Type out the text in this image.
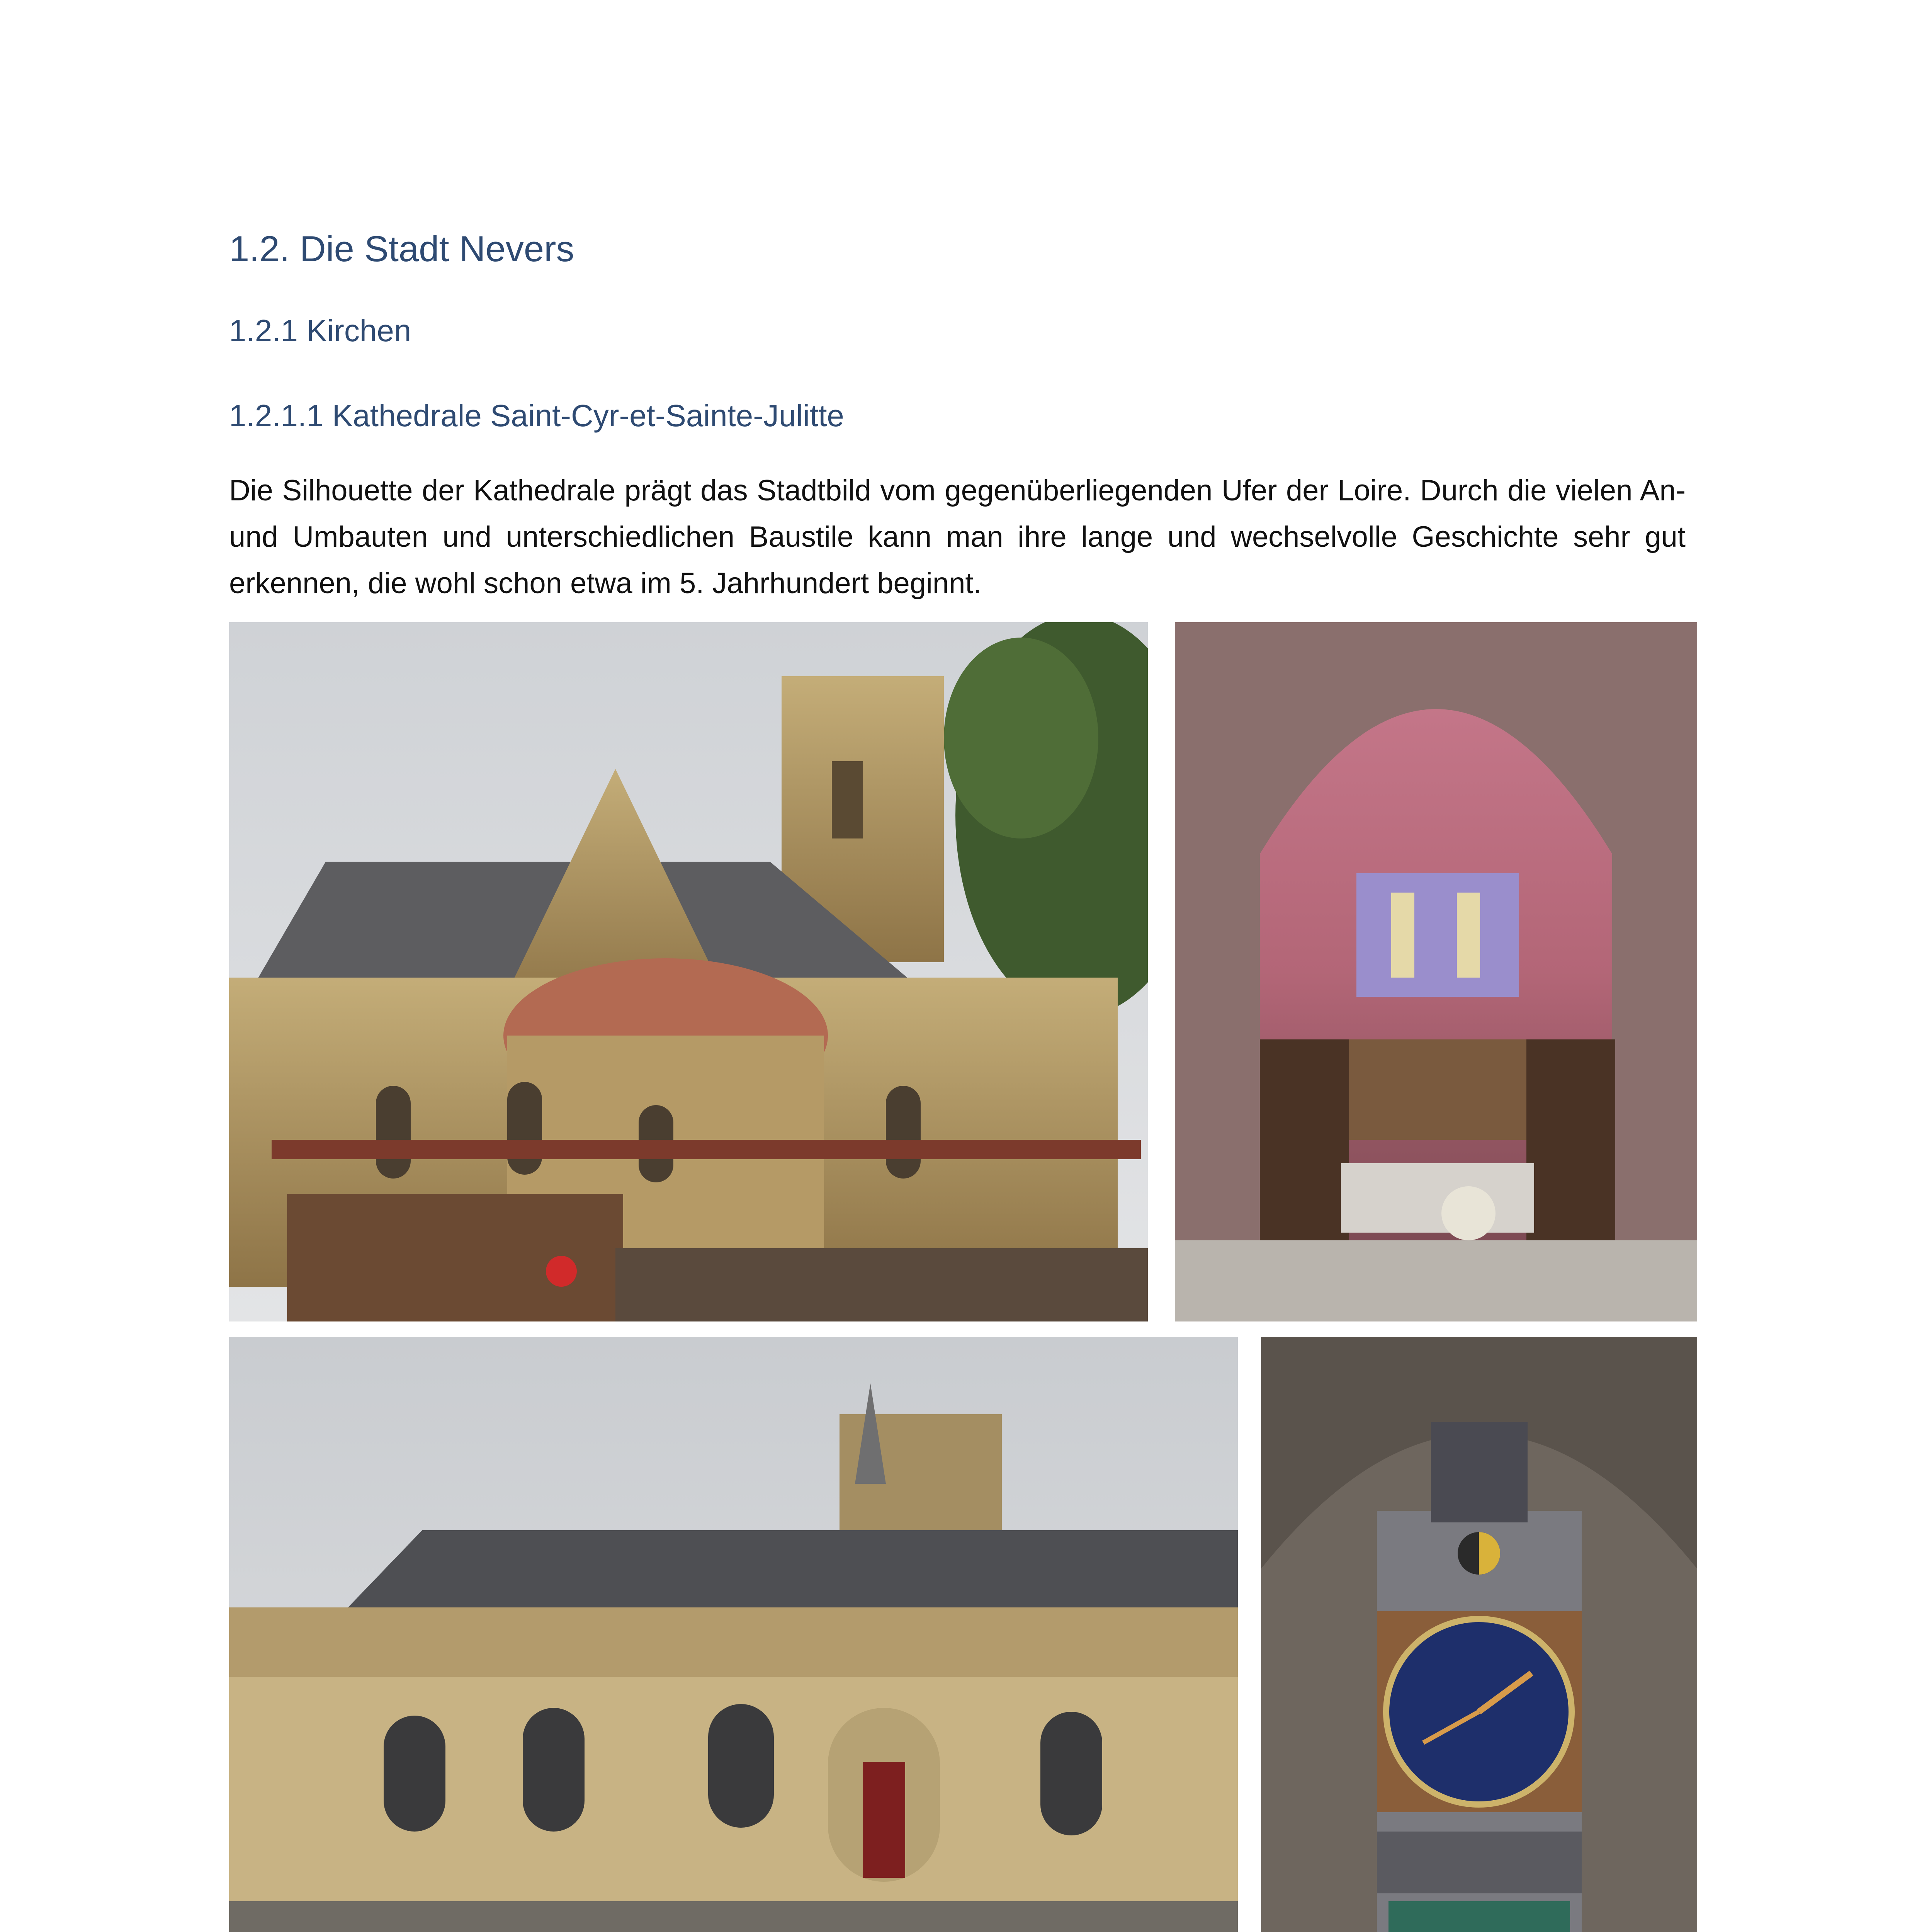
1.2. Die Stadt Nevers
1.2.1 Kirchen
1.2.1.1 Kathedrale Saint-Cyr-et-Sainte-Julitte

Die Silhouette der Kathedrale prägt das Stadtbild vom gegenüberliegenden Ufer der Loire. Durch die vielen An- und Umbauten und unterschiedlichen Baustile kann man ihre lange und wechselvolle Geschichte sehr gut erkennen, die wohl schon etwa im 5. Jahrhundert beginnt.
